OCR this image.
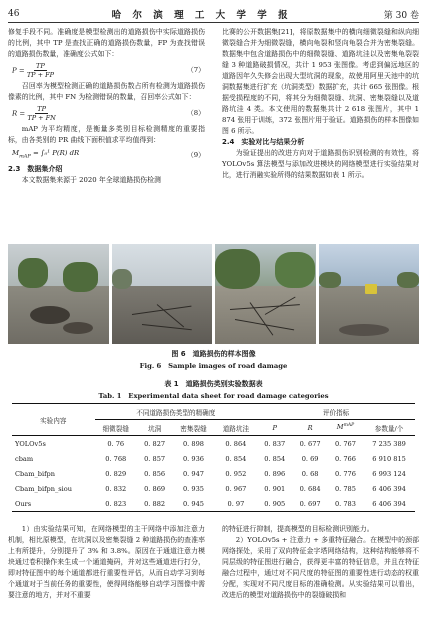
46	哈 尔 滨 理 工 大 学 学 报	第 30 卷

修复手段不同。准确度是模型检测出的道路损伤中实际道路损伤的比例，其中 TP 是查找正确的道路损伤数量，FP 为查找错误的道路损伤数量，准确度公式如下：

$P = \frac{TP}{TP + FP}$	（7）

召回率为模型检测正确的道路损伤数占所有检测为道路损伤像素的比例，其中 FN 为检测错误的数量，召回率公式如下：

$R = \frac{TP}{TP + FN}$	（8）

mAP 为平均精度，是衡量多类别目标检测精度的重要指标，由各类别的 PR 曲线下面积值求平均值得到：

$M_{mAP} = \int_0^1$ P(R) dR	（9）

2.3　数据集介绍

本文数据集来源于 2020 年全球道路损伤检测

比赛的公开数据集[21]，将原数据集中的横向细微裂缝和纵向细微裂缝合并为细微裂缝，横向龟裂和竖向龟裂合并为密集裂缝。数据集中包含道路损伤中的细微裂缝、道路坑洼以及密集龟裂裂缝 3 种道路破损情况，共计 1 953 张图像。考虑到偏远地区的道路因年久失修会出现大型坑洞的现象，故使用阿里天池中的坑洞数据集进行扩充（坑洞类型）数据扩充，共计 665 张图像。根据受损程度的不同，将其分为细微裂缝、坑洞、密集裂缝以及道路坑洼 4 类。本文使用的数据集共计 2 618 张图片，其中 1 874 张用于训练，372 张图片用于验证。道路损伤的样本图像如图 6 所示。

2.4　实验对比与结果分析

为验证提出的改进方向对于道路损伤识别检测的有效性，将 YOLOv5s 算法模型与添加改进模块的网络模型进行实验结果对比，进行消融实验所得的结果数据如表 1 所示。

图 6　道路损伤的样本图像
Fig. 6　Sample images of road damage
表 1　道路损伤类别实验数据表
Tab. 1　Experimental data sheet for road damage categories
实验内容	不同道路损伤类型的精确度				评价指标			
	细微裂缝	坑洞	密集裂缝	道路坑洼	P	R	$M^{mAP}$	参数量/个
YOLOv5s	0. 76	0. 827	0. 898	0. 864	0. 837	0. 677	0. 767	7 235 389
cbam	0. 768	0. 857	0. 936	0. 854	0. 854	0. 69	0. 766	6 910 815
Cbam_bifpn	0. 829	0. 856	0. 947	0. 952	0. 896	0. 68	0. 776	6 993 124
Cbam_bifpn_siou	0. 832	0. 869	0. 935	0. 967	0. 901	0. 684	0. 785	6 406 394
Ours	0. 823	0. 882	0. 945	0. 97	0. 905	0. 697	0. 783	6 406 394

1）由实验结果可知，在网络模型的主干网络中添加注意力机制，相比原模型，在坑洞以及密集裂缝 2 种道路损伤的查准率上有所提升，分别提升了 3% 和 3.8%。原因在于通道注意力模块通过卷积操作来生成一个通道掩码，并对这些通道进行打分，即对特征图中的每个通道都进行重要性评估，从而自动学习到每个通道对于当前任务的重要性，使得网络能够自动学习图像中需要注意的地方，并对不重要

的特征进行抑制，提高模型的目标检测识别能力。

2）YOLOv5s + 注意力 + 多重特征融合。在模型中的颈部网络探处，采用了双向特征金字塔网络结构，这种结构能够将不同层级的特征图进行融合，获得更丰富的特征信息，并且在特征融合过程中，通过对不同尺度的特征图的重要性进行动态的权重分配，实现对不同尺度目标的准确检测。从实验结果可以看出，改进后的模型对道路损伤中的裂缝破损和
